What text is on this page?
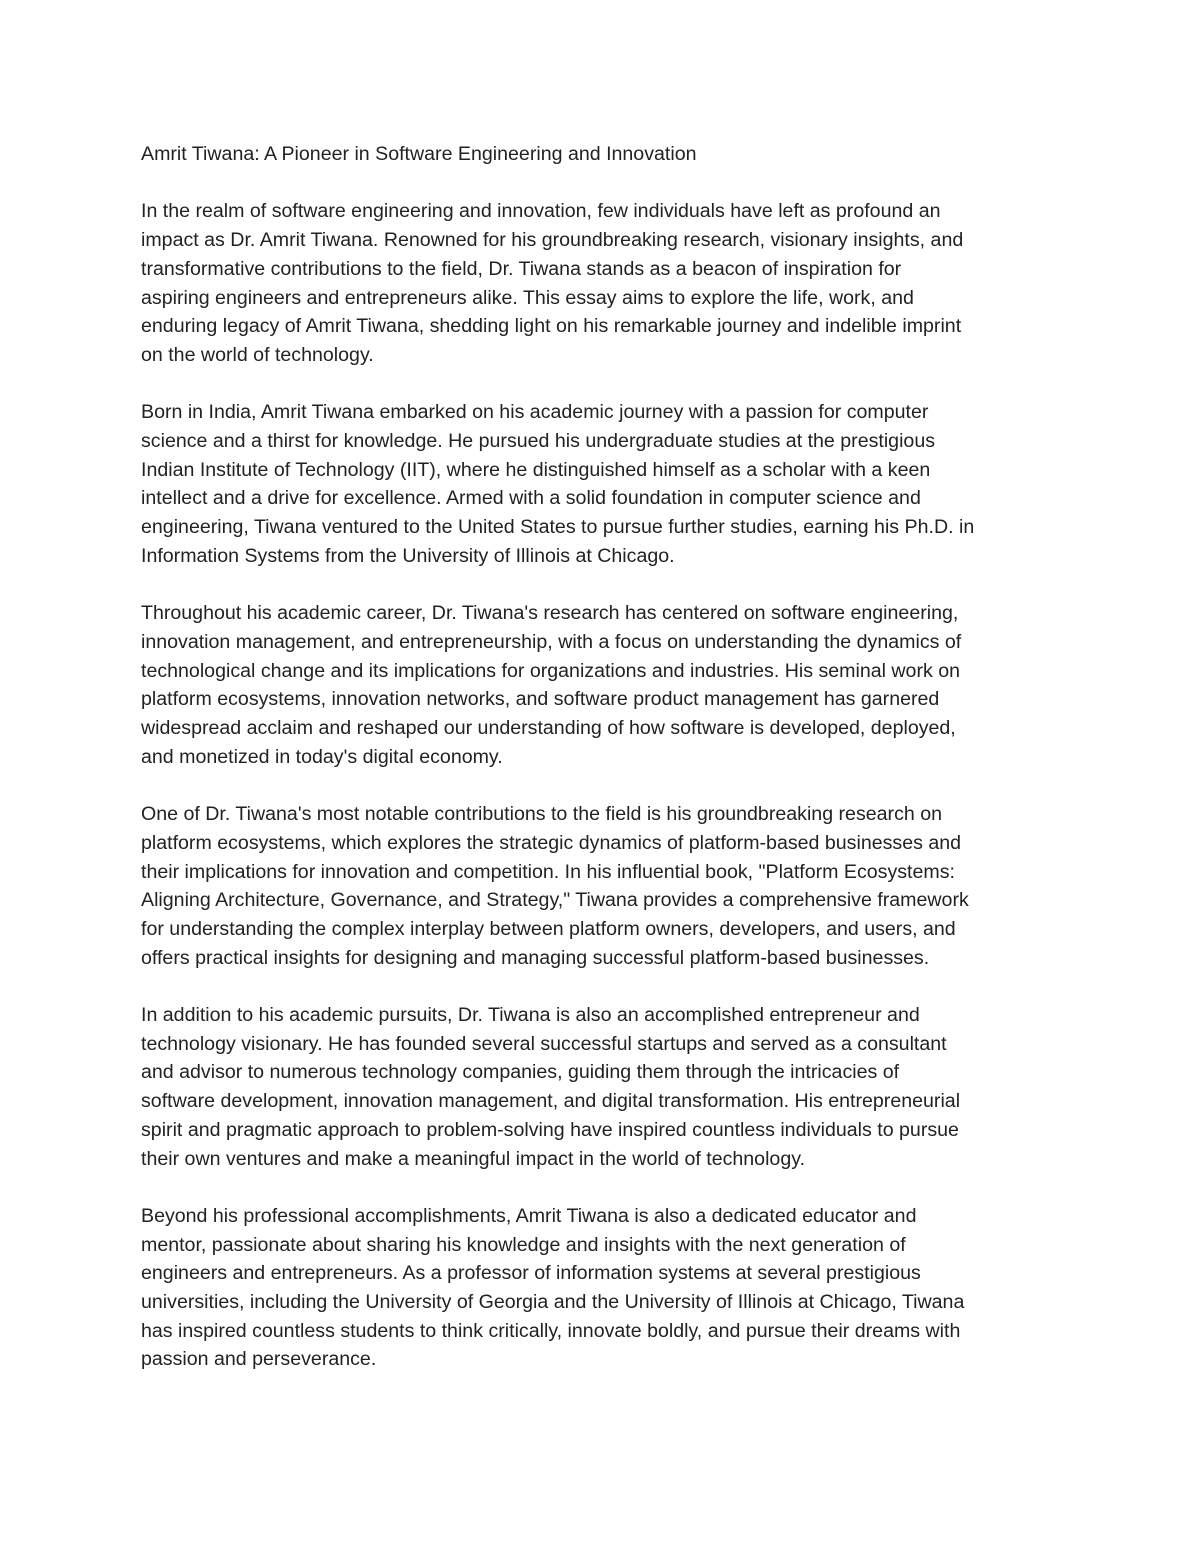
Amrit Tiwana: A Pioneer in Software Engineering and Innovation

In the realm of software engineering and innovation, few individuals have left as profound an
impact as Dr. Amrit Tiwana. Renowned for his groundbreaking research, visionary insights, and
transformative contributions to the field, Dr. Tiwana stands as a beacon of inspiration for
aspiring engineers and entrepreneurs alike. This essay aims to explore the life, work, and
enduring legacy of Amrit Tiwana, shedding light on his remarkable journey and indelible imprint
on the world of technology.

Born in India, Amrit Tiwana embarked on his academic journey with a passion for computer
science and a thirst for knowledge. He pursued his undergraduate studies at the prestigious
Indian Institute of Technology (IIT), where he distinguished himself as a scholar with a keen
intellect and a drive for excellence. Armed with a solid foundation in computer science and
engineering, Tiwana ventured to the United States to pursue further studies, earning his Ph.D. in
Information Systems from the University of Illinois at Chicago.

Throughout his academic career, Dr. Tiwana's research has centered on software engineering,
innovation management, and entrepreneurship, with a focus on understanding the dynamics of
technological change and its implications for organizations and industries. His seminal work on
platform ecosystems, innovation networks, and software product management has garnered
widespread acclaim and reshaped our understanding of how software is developed, deployed,
and monetized in today's digital economy.

One of Dr. Tiwana's most notable contributions to the field is his groundbreaking research on
platform ecosystems, which explores the strategic dynamics of platform-based businesses and
their implications for innovation and competition. In his influential book, "Platform Ecosystems:
Aligning Architecture, Governance, and Strategy," Tiwana provides a comprehensive framework
for understanding the complex interplay between platform owners, developers, and users, and
offers practical insights for designing and managing successful platform-based businesses.

In addition to his academic pursuits, Dr. Tiwana is also an accomplished entrepreneur and
technology visionary. He has founded several successful startups and served as a consultant
and advisor to numerous technology companies, guiding them through the intricacies of
software development, innovation management, and digital transformation. His entrepreneurial
spirit and pragmatic approach to problem-solving have inspired countless individuals to pursue
their own ventures and make a meaningful impact in the world of technology.

Beyond his professional accomplishments, Amrit Tiwana is also a dedicated educator and
mentor, passionate about sharing his knowledge and insights with the next generation of
engineers and entrepreneurs. As a professor of information systems at several prestigious
universities, including the University of Georgia and the University of Illinois at Chicago, Tiwana
has inspired countless students to think critically, innovate boldly, and pursue their dreams with
passion and perseverance.
